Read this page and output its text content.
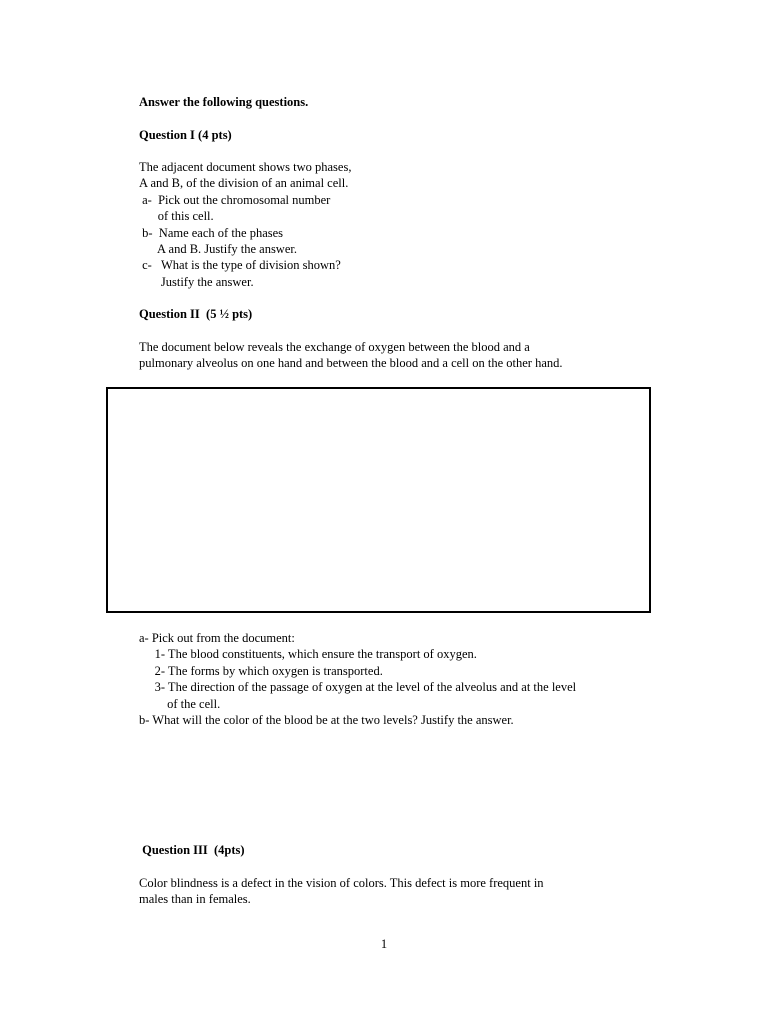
Answer the following questions.
Question I (4 pts)
The adjacent document shows two phases,
A and B, of the division of an animal cell.
a-  Pick out the chromosomal number
of this cell.
b-  Name each of the phases
A and B. Justify the answer.
c-   What is the type of division shown?
Justify the answer.
Question II  (5 ½ pts)
The document below reveals the exchange of oxygen between the blood and a
pulmonary alveolus on one hand and between the blood and a cell on the other hand.
a- Pick out from the document:
1- The blood constituents, which ensure the transport of oxygen.
2- The forms by which oxygen is transported.
3- The direction of the passage of oxygen at the level of the alveolus and at the level
of the cell.
b- What will the color of the blood be at the two levels? Justify the answer.
Question III  (4pts)
Color blindness is a defect in the vision of colors. This defect is more frequent in
males than in females.
1
